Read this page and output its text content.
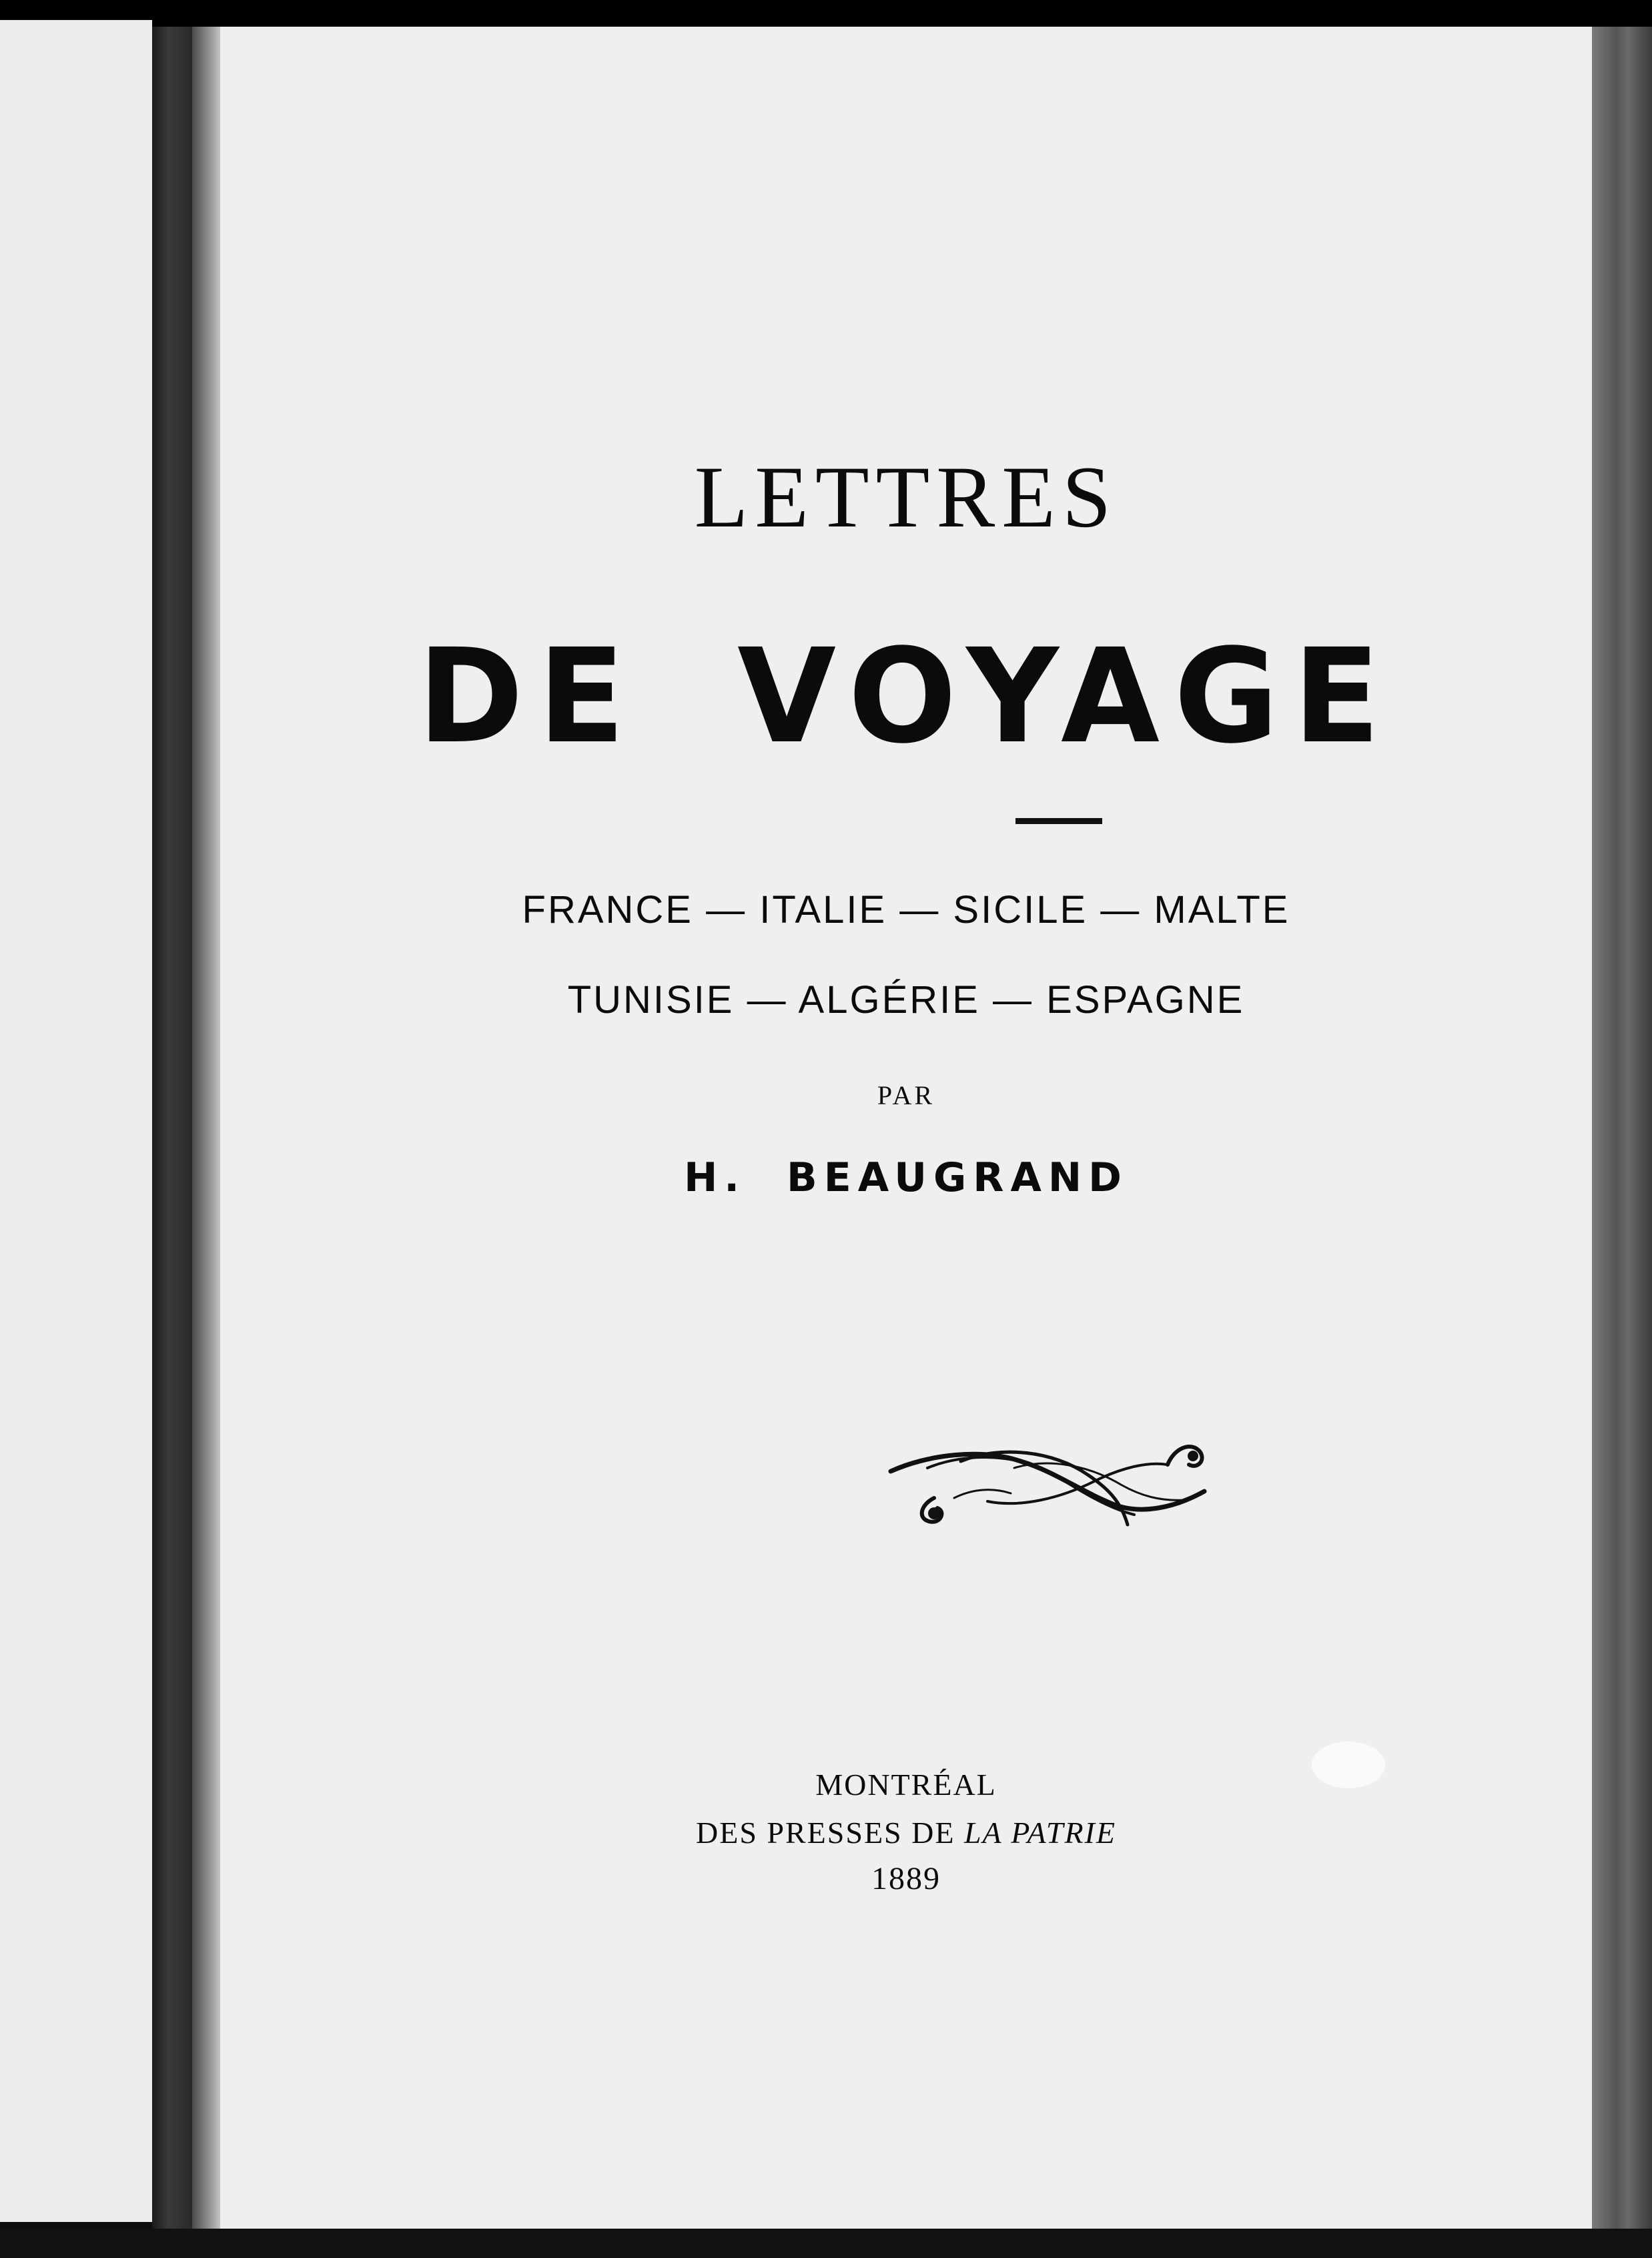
LETTRES
DE VOYAGE
FRANCE — ITALIE — SICILE — MALTE
TUNISIE — ALGÉRIE — ESPAGNE
PAR
H. BEAUGRAND
MONTRÉAL
DES PRESSES DE LA PATRIE
1889
